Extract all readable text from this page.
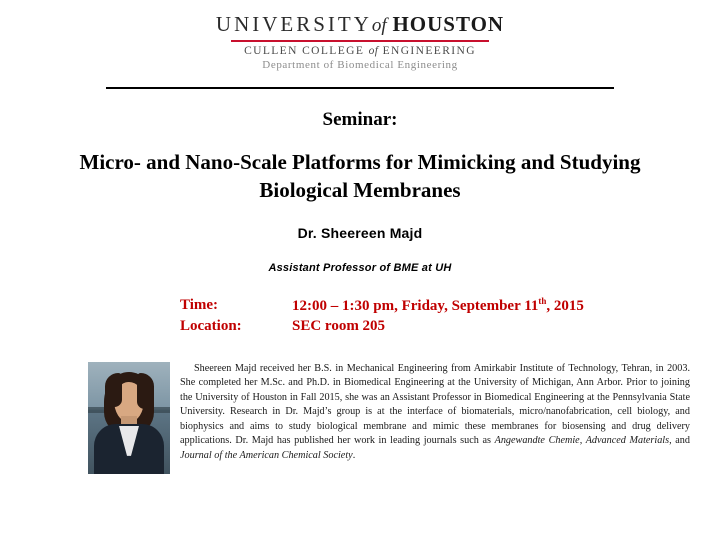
UNIVERSITYof HOUSTON
CULLEN COLLEGE of ENGINEERING
Department of Biomedical Engineering
Seminar:
Micro- and Nano-Scale Platforms for Mimicking and Studying Biological Membranes
Dr. Sheereen Majd
Assistant Professor of BME at UH
Time:	12:00 – 1:30 pm, Friday, September 11th, 2015
Location:	SEC room 205
Sheereen Majd received her B.S. in Mechanical Engineering from Amirkabir Institute of Technology, Tehran, in 2003. She completed her M.Sc. and Ph.D. in Biomedical Engineering at the University of Michigan, Ann Arbor. Prior to joining the University of Houston in Fall 2015, she was an Assistant Professor in Biomedical Engineering at the Pennsylvania State University. Research in Dr. Majd’s group is at the interface of biomaterials, micro/nanofabrication, cell biology, and biophysics and aims to study biological membrane and mimic these membranes for biosensing and drug delivery applications. Dr. Majd has published her work in leading journals such as Angewandte Chemie, Advanced Materials, and Journal of the American Chemical Society.
